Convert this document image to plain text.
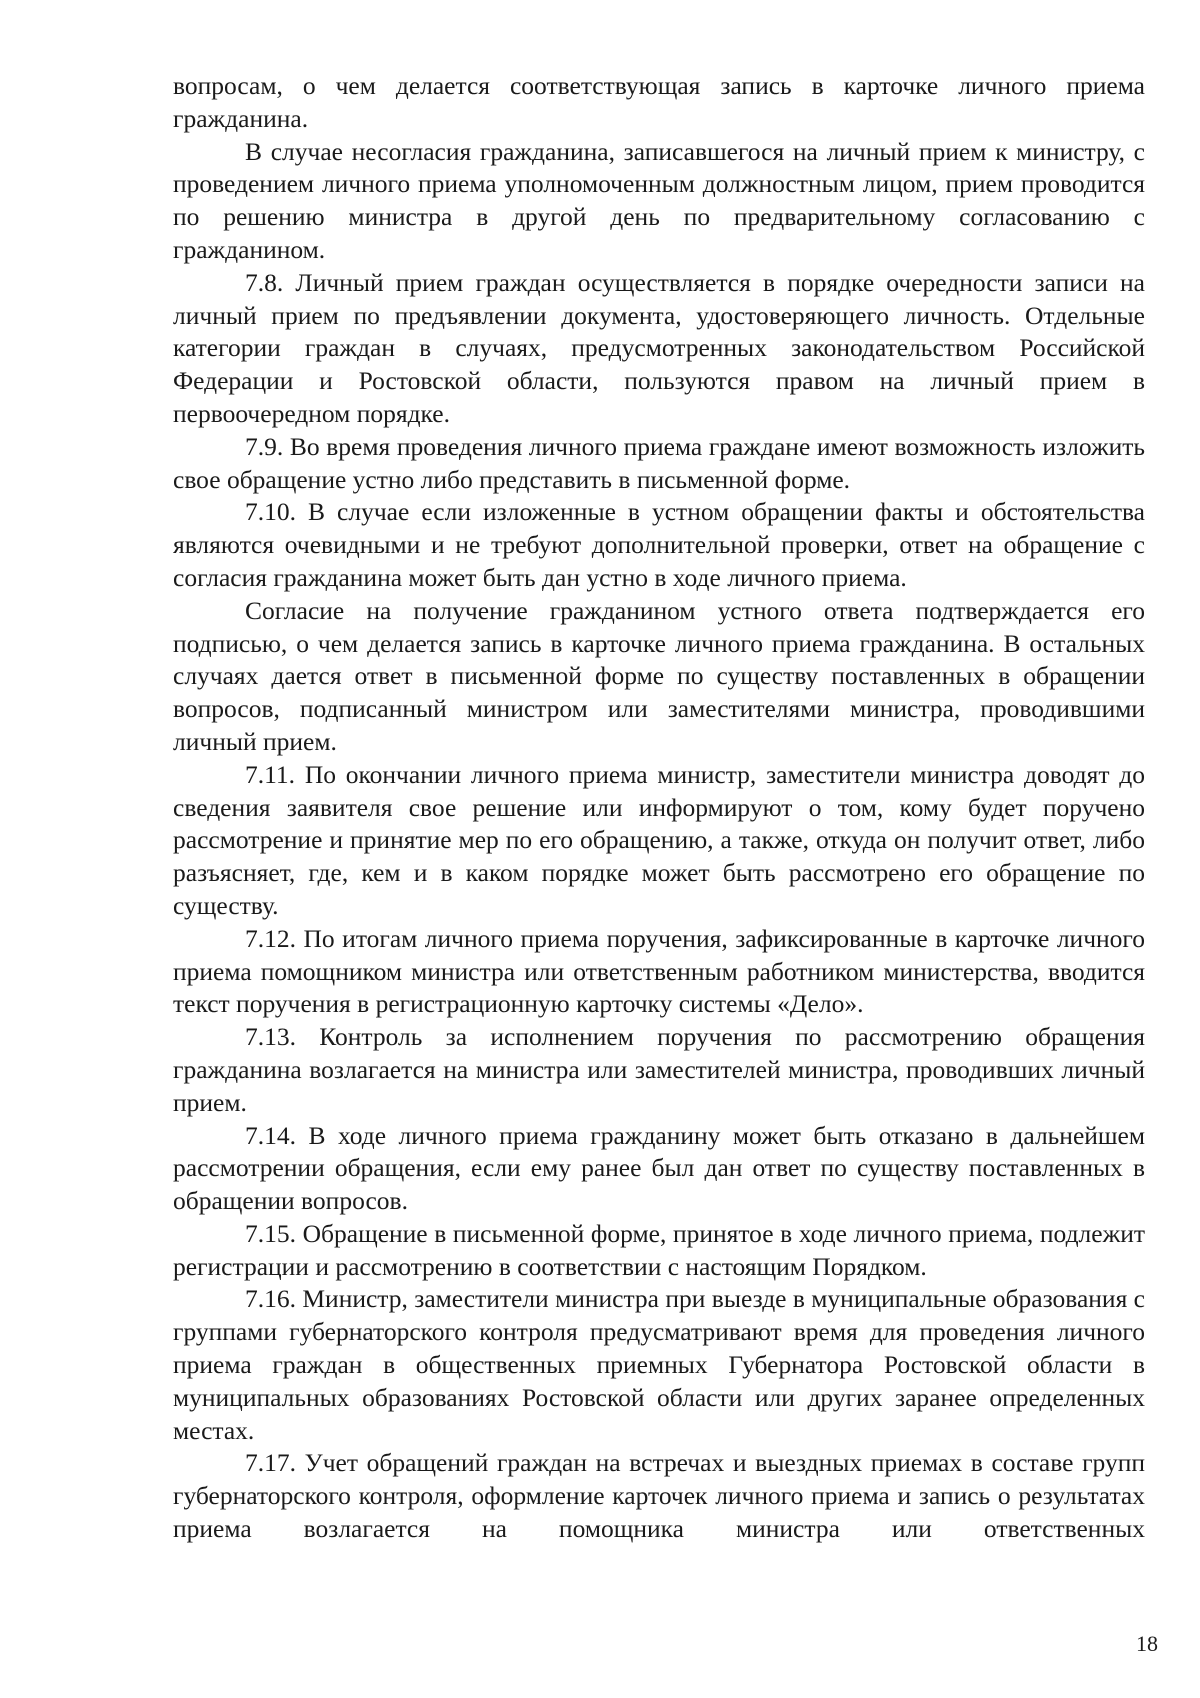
вопросам, о чем делается соответствующая запись в карточке личного приема гражданина.

В случае несогласия гражданина, записавшегося на личный прием к министру, с проведением личного приема уполномоченным должностным лицом, прием проводится по решению министра в другой день по предварительному согласованию с гражданином.

7.8. Личный прием граждан осуществляется в порядке очередности записи на личный прием по предъявлении документа, удостоверяющего личность. Отдельные категории граждан в случаях, предусмотренных законодательством Российской Федерации и Ростовской области, пользуются правом на личный прием в первоочередном порядке.

7.9. Во время проведения личного приема граждане имеют возможность изложить свое обращение устно либо представить в письменной форме.

7.10. В случае если изложенные в устном обращении факты и обстоятельства являются очевидными и не требуют дополнительной проверки, ответ на обращение с согласия гражданина может быть дан устно в ходе личного приема.

Согласие на получение гражданином устного ответа подтверждается его подписью, о чем делается запись в карточке личного приема гражданина. В остальных случаях дается ответ в письменной форме по существу поставленных в обращении вопросов, подписанный министром или заместителями министра, проводившими личный прием.

7.11. По окончании личного приема министр, заместители министра доводят до сведения заявителя свое решение или информируют о том, кому будет поручено рассмотрение и принятие мер по его обращению, а также, откуда он получит ответ, либо разъясняет, где, кем и в каком порядке может быть рассмотрено его обращение по существу.

7.12. По итогам личного приема поручения, зафиксированные в карточке личного приема помощником министра или ответственным работником министерства, вводится текст поручения в регистрационную карточку системы «Дело».

7.13. Контроль за исполнением поручения по рассмотрению обращения гражданина возлагается на министра или заместителей министра, проводивших личный прием.

7.14. В ходе личного приема гражданину может быть отказано в дальнейшем рассмотрении обращения, если ему ранее был дан ответ по существу поставленных в обращении вопросов.

7.15. Обращение в письменной форме, принятое в ходе личного приема, подлежит регистрации и рассмотрению в соответствии с настоящим Порядком.

7.16. Министр, заместители министра при выезде в муниципальные образования с группами губернаторского контроля предусматривают время для проведения личного приема граждан в общественных приемных Губернатора Ростовской области в муниципальных образованиях Ростовской области или других заранее определенных местах.

7.17. Учет обращений граждан на встречах и выездных приемах в составе групп губернаторского контроля, оформление карточек личного приема и запись о результатах приема возлагается на помощника министра или ответственных

18
